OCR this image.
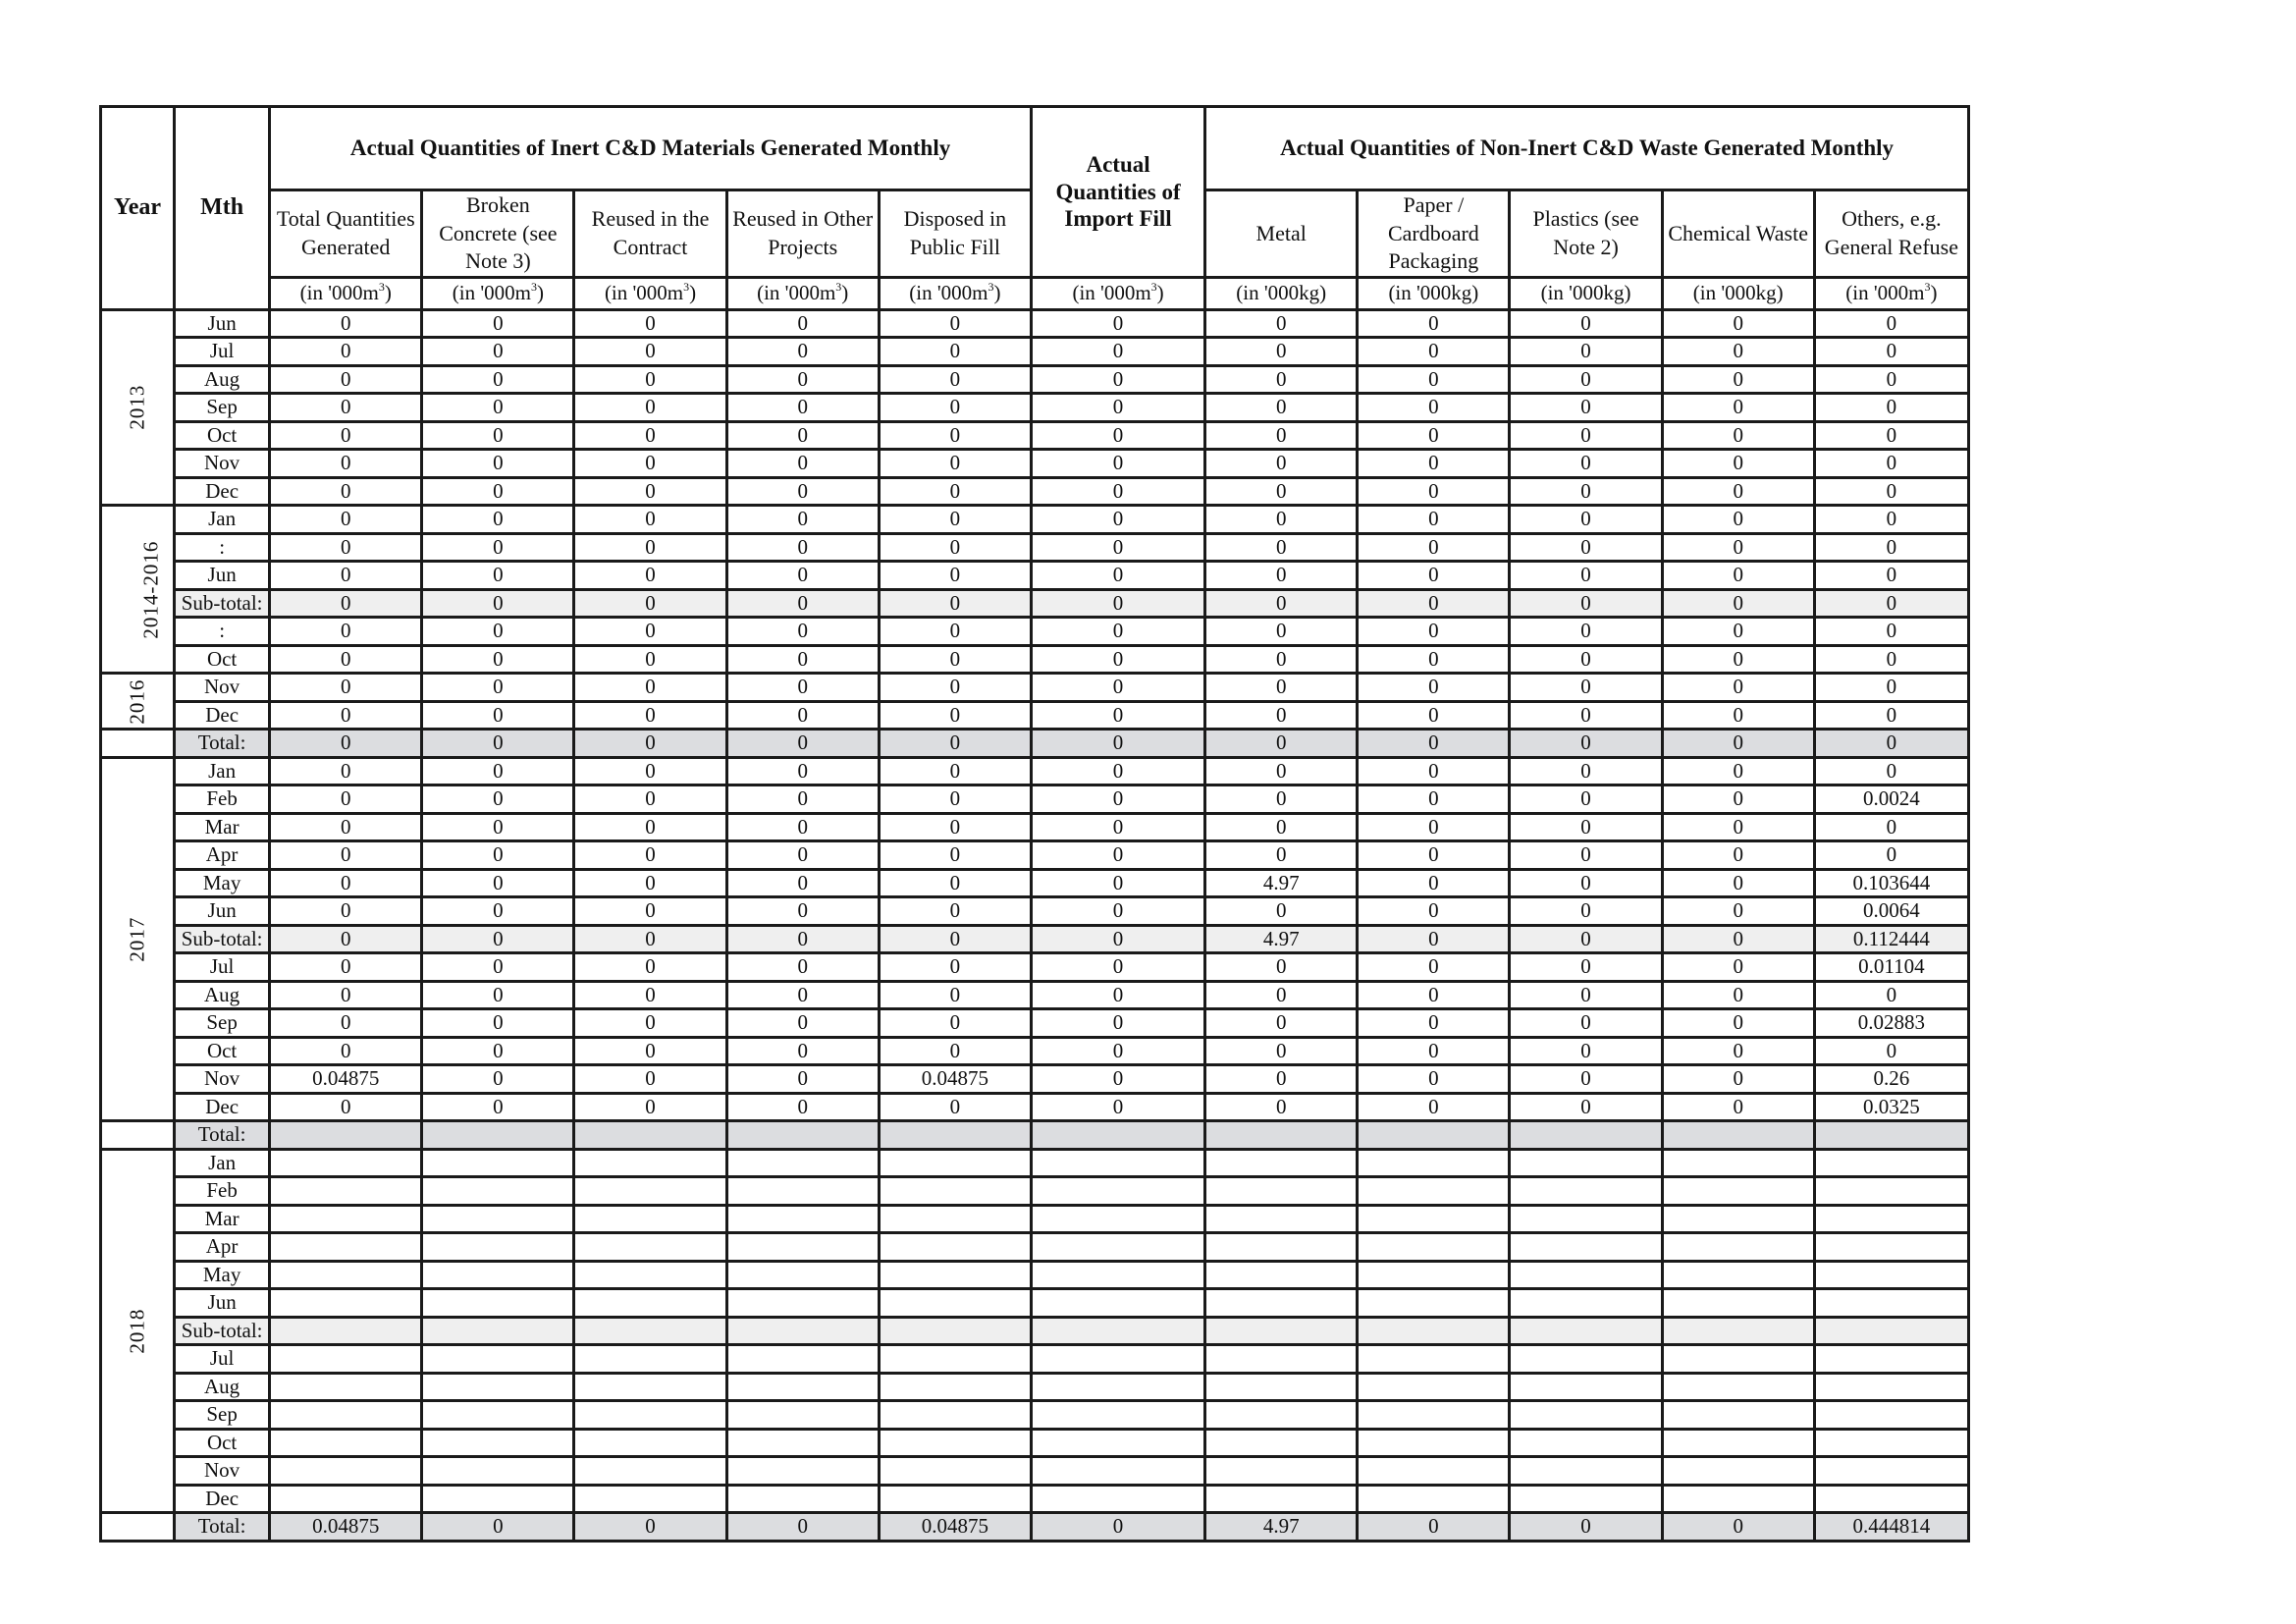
Year	Mth	Actual Quantities of Inert C&D Materials Generated Monthly					Actual Quantities of Import Fill	Actual Quantities of Non-Inert C&D Waste Generated Monthly				
		Total Quantities Generated	Broken Concrete (see Note 3)	Reused in the Contract	Reused in Other Projects	Disposed in Public Fill		Metal	Paper / Cardboard Packaging	Plastics (see Note 2)	Chemical Waste	Others, e.g. General Refuse
		(in '$000m^3$)	(in '$000m^3$)	(in '$000m^3$)	(in '$000m^3$)	(in '$000m^3$)	(in '$000m^3$)	(in '000kg)	(in '000kg)	(in '000kg)	(in '000kg)	(in '$000m^3$)
2013	Jun	0	0	0	0	0	0	0	0	0	0	0
	Jul	0	0	0	0	0	0	0	0	0	0	0
	Aug	0	0	0	0	0	0	0	0	0	0	0
	Sep	0	0	0	0	0	0	0	0	0	0	0
	Oct	0	0	0	0	0	0	0	0	0	0	0
	Nov	0	0	0	0	0	0	0	0	0	0	0
	Dec	0	0	0	0	0	0	0	0	0	0	0
2014-2016	Jan	0	0	0	0	0	0	0	0	0	0	0
	:	0	0	0	0	0	0	0	0	0	0	0
	Jun	0	0	0	0	0	0	0	0	0	0	0
	Sub-total:	0	0	0	0	0	0	0	0	0	0	0
	:	0	0	0	0	0	0	0	0	0	0	0
	Oct	0	0	0	0	0	0	0	0	0	0	0
2016	Nov	0	0	0	0	0	0	0	0	0	0	0
	Dec	0	0	0	0	0	0	0	0	0	0	0
	Total:	0	0	0	0	0	0	0	0	0	0	0
2017	Jan	0	0	0	0	0	0	0	0	0	0	0
	Feb	0	0	0	0	0	0	0	0	0	0	0.0024
	Mar	0	0	0	0	0	0	0	0	0	0	0
	Apr	0	0	0	0	0	0	0	0	0	0	0
	May	0	0	0	0	0	0	4.97	0	0	0	0.103644
	Jun	0	0	0	0	0	0	0	0	0	0	0.0064
	Sub-total:	0	0	0	0	0	0	4.97	0	0	0	0.112444
	Jul	0	0	0	0	0	0	0	0	0	0	0.01104
	Aug	0	0	0	0	0	0	0	0	0	0	0
	Sep	0	0	0	0	0	0	0	0	0	0	0.02883
	Oct	0	0	0	0	0	0	0	0	0	0	0
	Nov	0.04875	0	0	0	0.04875	0	0	0	0	0	0.26
	Dec	0	0	0	0	0	0	0	0	0	0	0.0325
	Total:											
2018	Jan											
	Feb											
	Mar											
	Apr											
	May											
	Jun											
	Sub-total:											
	Jul											
	Aug											
	Sep											
	Oct											
	Nov											
	Dec											
	Total:	0.04875	0	0	0	0.04875	0	4.97	0	0	0	0.444814
